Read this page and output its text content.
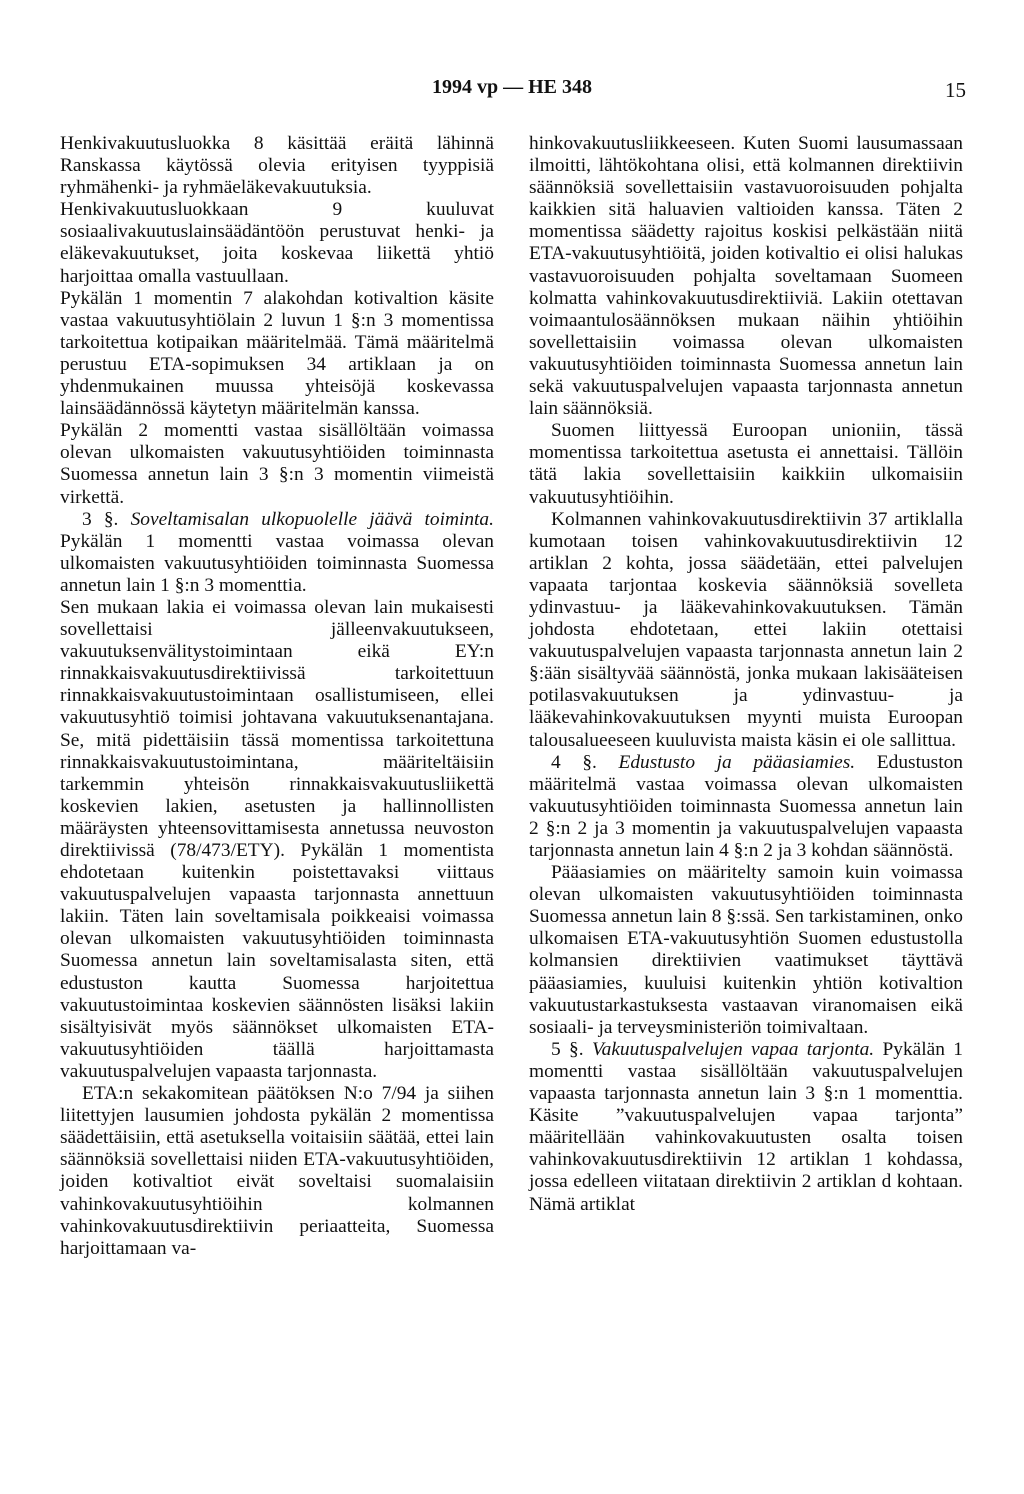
1994 vp — HE 348	15

Henkivakuutusluokka 8 käsittää eräitä lähinnä Ranskassa käytössä olevia erityisen tyyppisiä ryhmähenki- ja ryhmäeläkevakuutuksia.

Henkivakuutusluokkaan 9 kuuluvat sosiaalivakuutuslainsäädäntöön perustuvat henki- ja eläkevakuutukset, joita koskevaa liikettä yhtiö harjoittaa omalla vastuullaan.

Pykälän 1 momentin 7 alakohdan kotivaltion käsite vastaa vakuutusyhtiölain 2 luvun 1 §:n 3 momentissa tarkoitettua kotipaikan määritelmää. Tämä määritelmä perustuu ETA-sopimuksen 34 artiklaan ja on yhdenmukainen muussa yhteisöjä koskevassa lainsäädännössä käytetyn määritelmän kanssa.

Pykälän 2 momentti vastaa sisällöltään voimassa olevan ulkomaisten vakuutusyhtiöiden toiminnasta Suomessa annetun lain 3 §:n 3 momentin viimeistä virkettä.

3 §. Soveltamisalan ulkopuolelle jäävä toiminta. Pykälän 1 momentti vastaa voimassa olevan ulkomaisten vakuutusyhtiöiden toiminnasta Suomessa annetun lain 1 §:n 3 momenttia.

Sen mukaan lakia ei voimassa olevan lain mukaisesti sovellettaisi jälleenvakuutukseen, vakuutuksenvälitystoimintaan eikä EY:n rinnakkaisvakuutusdirektiivissä tarkoitettuun rinnakkaisvakuutustoimintaan osallistumiseen, ellei vakuutusyhtiö toimisi johtavana vakuutuksenantajana. Se, mitä pidettäisiin tässä momentissa tarkoitettuna rinnakkaisvakuutustoimintana, määriteltäisiin tarkemmin yhteisön rinnakkaisvakuutusliikettä koskevien lakien, asetusten ja hallinnollisten määräysten yhteensovittamisesta annetussa neuvoston direktiivissä (78/473/ETY). Pykälän 1 momentista ehdotetaan kuitenkin poistettavaksi viittaus vakuutuspalvelujen vapaasta tarjonnasta annettuun lakiin. Täten lain soveltamisala poikkeaisi voimassa olevan ulkomaisten vakuutusyhtiöiden toiminnasta Suomessa annetun lain soveltamisalasta siten, että edustuston kautta Suomessa harjoitettua vakuutustoimintaa koskevien säännösten lisäksi lakiin sisältyisivät myös säännökset ulkomaisten ETA-vakuutusyhtiöiden täällä harjoittamasta vakuutuspalvelujen vapaasta tarjonnasta.

ETA:n sekakomitean päätöksen N:o 7/94 ja siihen liitettyjen lausumien johdosta pykälän 2 momentissa säädettäisiin, että asetuksella voitaisiin säätää, ettei lain säännöksiä sovellettaisi niiden ETA-vakuutusyhtiöiden, joiden kotivaltiot eivät soveltaisi suomalaisiin vahinkovakuutusyhtiöihin kolmannen vahinkovakuutusdirektiivin periaatteita, Suomessa harjoittamaan va-

hinkovakuutusliikkeeseen. Kuten Suomi lausumassaan ilmoitti, lähtökohtana olisi, että kolmannen direktiivin säännöksiä sovellettaisiin vastavuoroisuuden pohjalta kaikkien sitä haluavien valtioiden kanssa. Täten 2 momentissa säädetty rajoitus koskisi pelkästään niitä ETA-vakuutusyhtiöitä, joiden kotivaltio ei olisi halukas vastavuoroisuuden pohjalta soveltamaan Suomeen kolmatta vahinkovakuutusdirektiiviä. Lakiin otettavan voimaantulosäännöksen mukaan näihin yhtiöihin sovellettaisiin voimassa olevan ulkomaisten vakuutusyhtiöiden toiminnasta Suomessa annetun lain sekä vakuutuspalvelujen vapaasta tarjonnasta annetun lain säännöksiä.

Suomen liittyessä Euroopan unioniin, tässä momentissa tarkoitettua asetusta ei annettaisi. Tällöin tätä lakia sovellettaisiin kaikkiin ulkomaisiin vakuutusyhtiöihin.

Kolmannen vahinkovakuutusdirektiivin 37 artiklalla kumotaan toisen vahinkovakuutusdirektiivin 12 artiklan 2 kohta, jossa säädetään, ettei palvelujen vapaata tarjontaa koskevia säännöksiä sovelleta ydinvastuu- ja lääkevahinkovakuutuksen. Tämän johdosta ehdotetaan, ettei lakiin otettaisi vakuutuspalvelujen vapaasta tarjonnasta annetun lain 2 §:ään sisältyvää säännöstä, jonka mukaan lakisääteisen potilasvakuutuksen ja ydinvastuu- ja lääkevahinkovakuutuksen myynti muista Euroopan talousalueeseen kuuluvista maista käsin ei ole sallittua.

4 §. Edustusto ja pääasiamies. Edustuston määritelmä vastaa voimassa olevan ulkomaisten vakuutusyhtiöiden toiminnasta Suomessa annetun lain 2 §:n 2 ja 3 momentin ja vakuutuspalvelujen vapaasta tarjonnasta annetun lain 4 §:n 2 ja 3 kohdan säännöstä.

Pääasiamies on määritelty samoin kuin voimassa olevan ulkomaisten vakuutusyhtiöiden toiminnasta Suomessa annetun lain 8 §:ssä. Sen tarkistaminen, onko ulkomaisen ETA-vakuutusyhtiön Suomen edustustolla kolmansien direktiivien vaatimukset täyttävä pääasiamies, kuuluisi kuitenkin yhtiön kotivaltion vakuutustarkastuksesta vastaavan viranomaisen eikä sosiaali- ja terveysministeriön toimivaltaan.

5 §. Vakuutuspalvelujen vapaa tarjonta. Pykälän 1 momentti vastaa sisällöltään vakuutuspalvelujen vapaasta tarjonnasta annetun lain 3 §:n 1 momenttia. Käsite ”vakuutuspalvelujen vapaa tarjonta” määritellään vahinkovakuutusten osalta toisen vahinkovakuutusdirektiivin 12 artiklan 1 kohdassa, jossa edelleen viitataan direktiivin 2 artiklan d kohtaan. Nämä artiklat
